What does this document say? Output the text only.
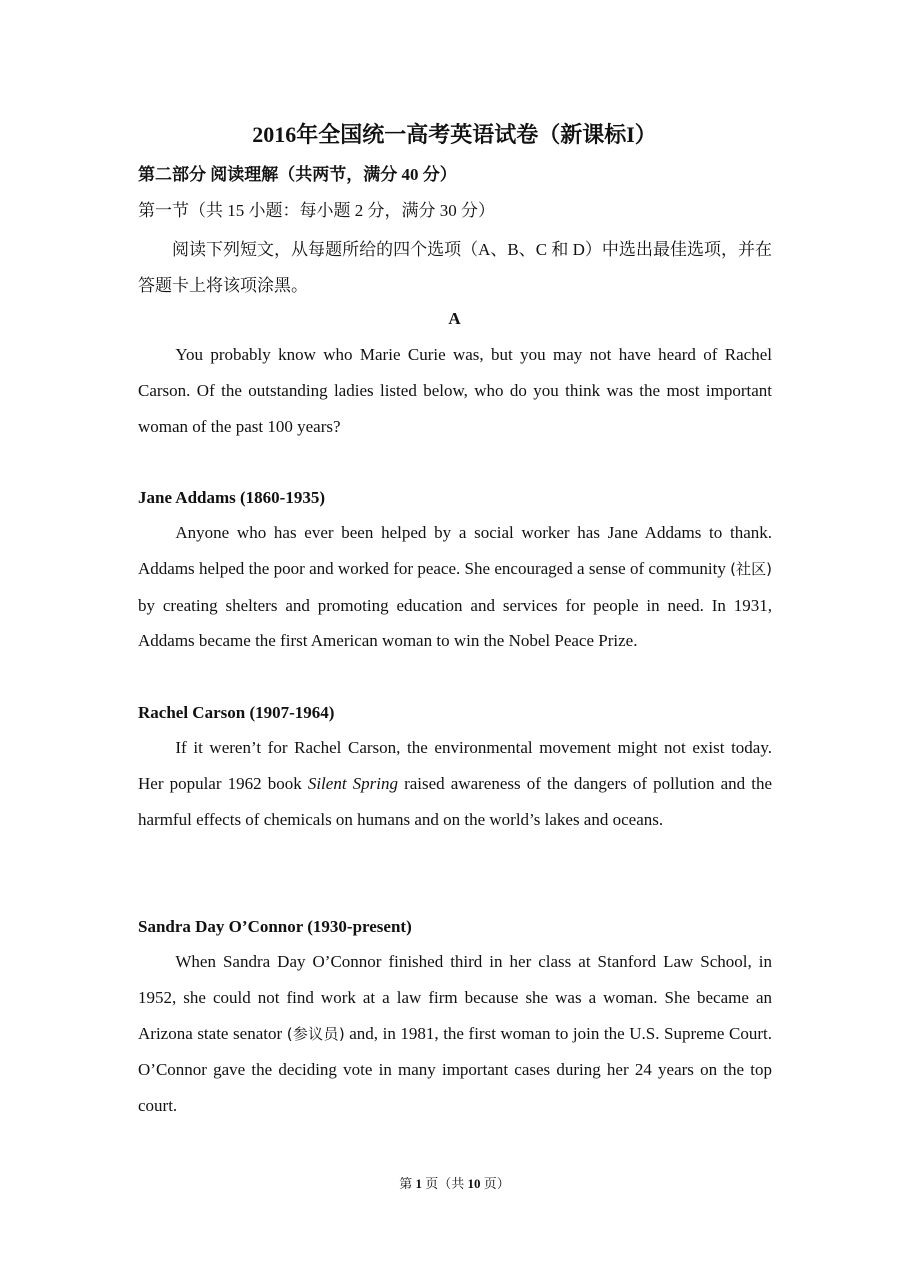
2016年全国统一高考英语试卷（新课标I）
第二部分 阅读理解（共两节，满分 40 分）
第一节（共 15 小题：每小题 2 分，满分 30 分）
阅读下列短文，从每题所给的四个选项（A、B、C 和 D）中选出最佳选项，并在答题卡上将该项涂黑。
A

You probably know who Marie Curie was, but you may not have heard of Rachel Carson. Of the outstanding ladies listed below, who do you think was the most important woman of the past 100 years?

Jane Addams (1860-1935)

Anyone who has ever been helped by a social worker has Jane Addams to thank. Addams helped the poor and worked for peace. She encouraged a sense of community (社区) by creating shelters and promoting education and services for people in need. In 1931, Addams became the first American woman to win the Nobel Peace Prize.

Rachel Carson (1907-1964)

If it weren’t for Rachel Carson, the environmental movement might not exist today. Her popular 1962 book Silent Spring raised awareness of the dangers of pollution and the harmful effects of chemicals on humans and on the world’s lakes and oceans.

Sandra Day O’Connor (1930-present)

When Sandra Day O’Connor finished third in her class at Stanford Law School, in 1952, she could not find work at a law firm because she was a woman. She became an Arizona state senator (参议员) and, in 1981, the first woman to join the U.S. Supreme Court. O’Connor gave the deciding vote in many important cases during her 24 years on the top court.

第 1 页（共 10 页）
